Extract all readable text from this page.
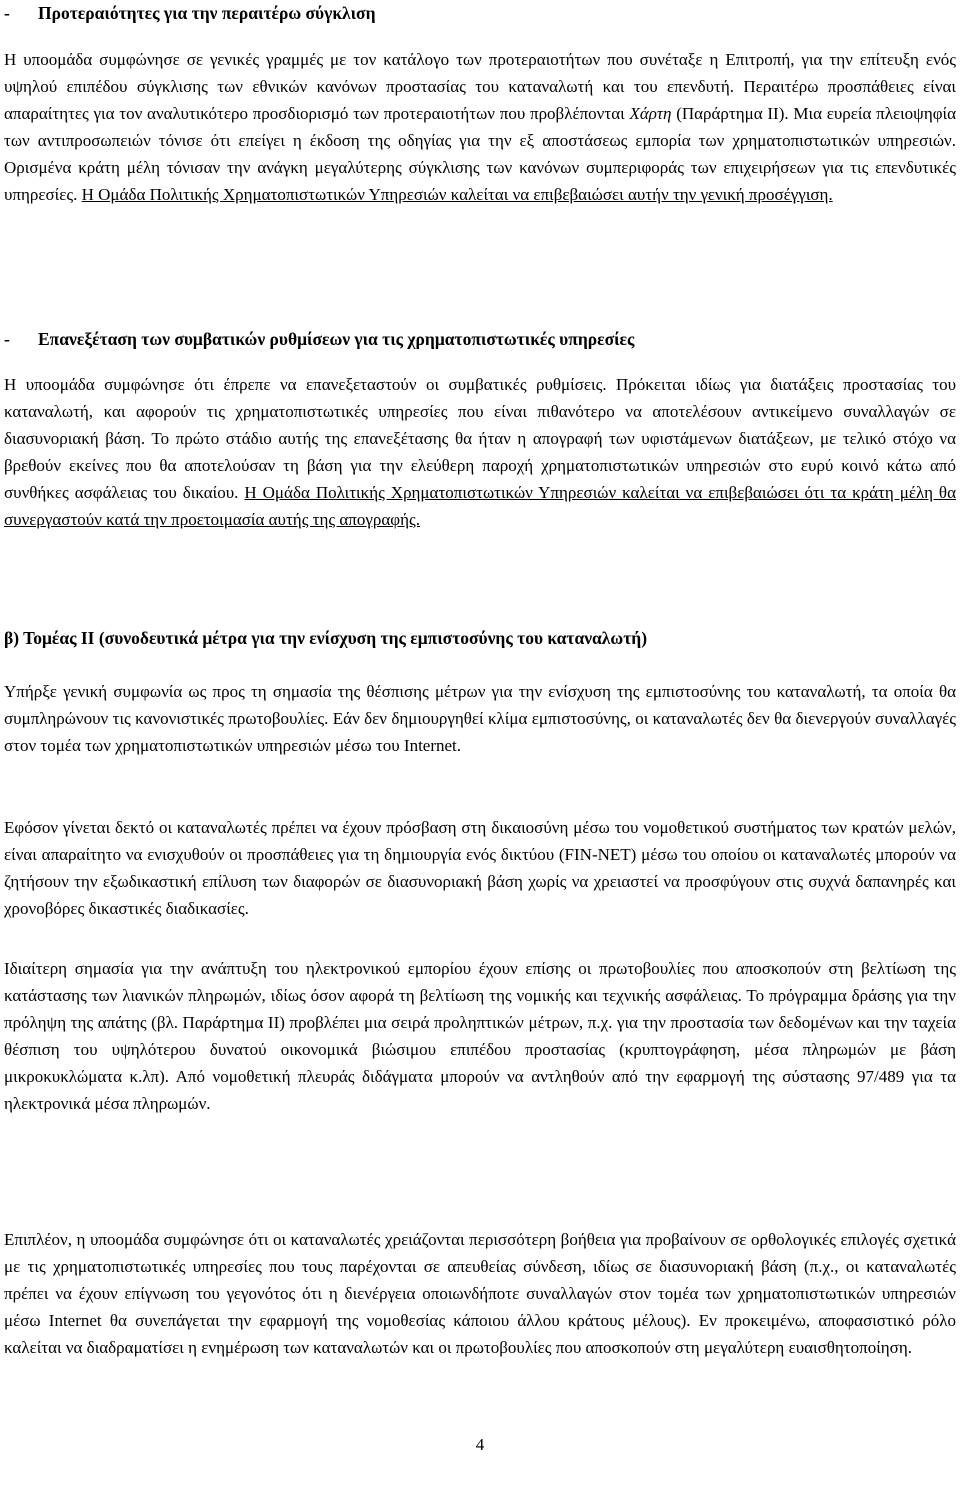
- Προτεραιότητες για την περαιτέρω σύγκλιση

Η υποομάδα συμφώνησε σε γενικές γραμμές με τον κατάλογο των προτεραιοτήτων που συνέταξε η Επιτροπή, για την επίτευξη ενός υψηλού επιπέδου σύγκλισης των εθνικών κανόνων προστασίας του καταναλωτή και του επενδυτή. Περαιτέρω προσπάθειες είναι απαραίτητες για τον αναλυτικότερο προσδιορισμό των προτεραιοτήτων που προβλέπονται Χάρτη (Παράρτημα ΙΙ). Μια ευρεία πλειοψηφία των αντιπροσωπειών τόνισε ότι επείγει η έκδοση της οδηγίας για την εξ αποστάσεως εμπορία των χρηματοπιστωτικών υπηρεσιών. Ορισμένα κράτη μέλη τόνισαν την ανάγκη μεγαλύτερης σύγκλισης των κανόνων συμπεριφοράς των επιχειρήσεων για τις επενδυτικές υπηρεσίες. Η Ομάδα Πολιτικής Χρηματοπιστωτικών Υπηρεσιών καλείται να επιβεβαιώσει αυτήν την γενική προσέγγιση.

- Επανεξέταση των συμβατικών ρυθμίσεων για τις χρηματοπιστωτικές υπηρεσίες

Η υποομάδα συμφώνησε ότι έπρεπε να επανεξεταστούν οι συμβατικές ρυθμίσεις. Πρόκειται ιδίως για διατάξεις προστασίας του καταναλωτή, και αφορούν τις χρηματοπιστωτικές υπηρεσίες που είναι πιθανότερο να αποτελέσουν αντικείμενο συναλλαγών σε διασυνοριακή βάση. Το πρώτο στάδιο αυτής της επανεξέτασης θα ήταν η απογραφή των υφιστάμενων διατάξεων, με τελικό στόχο να βρεθούν εκείνες που θα αποτελούσαν τη βάση για την ελεύθερη παροχή χρηματοπιστωτικών υπηρεσιών στο ευρύ κοινό κάτω από συνθήκες ασφάλειας του δικαίου. Η Ομάδα Πολιτικής Χρηματοπιστωτικών Υπηρεσιών καλείται να επιβεβαιώσει ότι τα κράτη μέλη θα συνεργαστούν κατά την προετοιμασία αυτής της απογραφής.

β) Τομέας ΙΙ (συνοδευτικά μέτρα για την ενίσχυση της εμπιστοσύνης του καταναλωτή)

Υπήρξε γενική συμφωνία ως προς τη σημασία της θέσπισης μέτρων για την ενίσχυση της εμπιστοσύνης του καταναλωτή, τα οποία θα συμπληρώνουν τις κανονιστικές πρωτοβουλίες. Εάν δεν δημιουργηθεί κλίμα εμπιστοσύνης, οι καταναλωτές δεν θα διενεργούν συναλλαγές στον τομέα των χρηματοπιστωτικών υπηρεσιών μέσω του Internet.

Εφόσον γίνεται δεκτό οι καταναλωτές πρέπει να έχουν πρόσβαση στη δικαιοσύνη μέσω του νομοθετικού συστήματος των κρατών μελών, είναι απαραίτητο να ενισχυθούν οι προσπάθειες για τη δημιουργία ενός δικτύου (FIN-NET) μέσω του οποίου οι καταναλωτές μπορούν να ζητήσουν την εξωδικαστική επίλυση των διαφορών σε διασυνοριακή βάση χωρίς να χρειαστεί να προσφύγουν στις συχνά δαπανηρές και χρονοβόρες δικαστικές διαδικασίες.

Ιδιαίτερη σημασία για την ανάπτυξη του ηλεκτρονικού εμπορίου έχουν επίσης οι πρωτοβουλίες που αποσκοπούν στη βελτίωση της κατάστασης των λιανικών πληρωμών, ιδίως όσον αφορά τη βελτίωση της νομικής και τεχνικής ασφάλειας. Το πρόγραμμα δράσης για την πρόληψη της απάτης (βλ. Παράρτημα ΙΙ) προβλέπει μια σειρά προληπτικών μέτρων, π.χ. για την προστασία των δεδομένων και την ταχεία θέσπιση του υψηλότερου δυνατού οικονομικά βιώσιμου επιπέδου προστασίας (κρυπτογράφηση, μέσα πληρωμών με βάση μικροκυκλώματα κ.λπ). Από νομοθετική πλευράς διδάγματα μπορούν να αντληθούν από την εφαρμογή της σύστασης 97/489 για τα ηλεκτρονικά μέσα πληρωμών.

Επιπλέον, η υποομάδα συμφώνησε ότι οι καταναλωτές χρειάζονται περισσότερη βοήθεια για προβαίνουν σε ορθολογικές επιλογές σχετικά με τις χρηματοπιστωτικές υπηρεσίες που τους παρέχονται σε απευθείας σύνδεση, ιδίως σε διασυνοριακή βάση (π.χ., οι καταναλωτές πρέπει να έχουν επίγνωση του γεγονότος ότι η διενέργεια οποιωνδήποτε συναλλαγών στον τομέα των χρηματοπιστωτικών υπηρεσιών μέσω Internet θα συνεπάγεται την εφαρμογή της νομοθεσίας κάποιου άλλου κράτους μέλους). Εν προκειμένω, αποφασιστικό ρόλο καλείται να διαδραματίσει η ενημέρωση των καταναλωτών και οι πρωτοβουλίες που αποσκοπούν στη μεγαλύτερη ευαισθητοποίηση.

4
